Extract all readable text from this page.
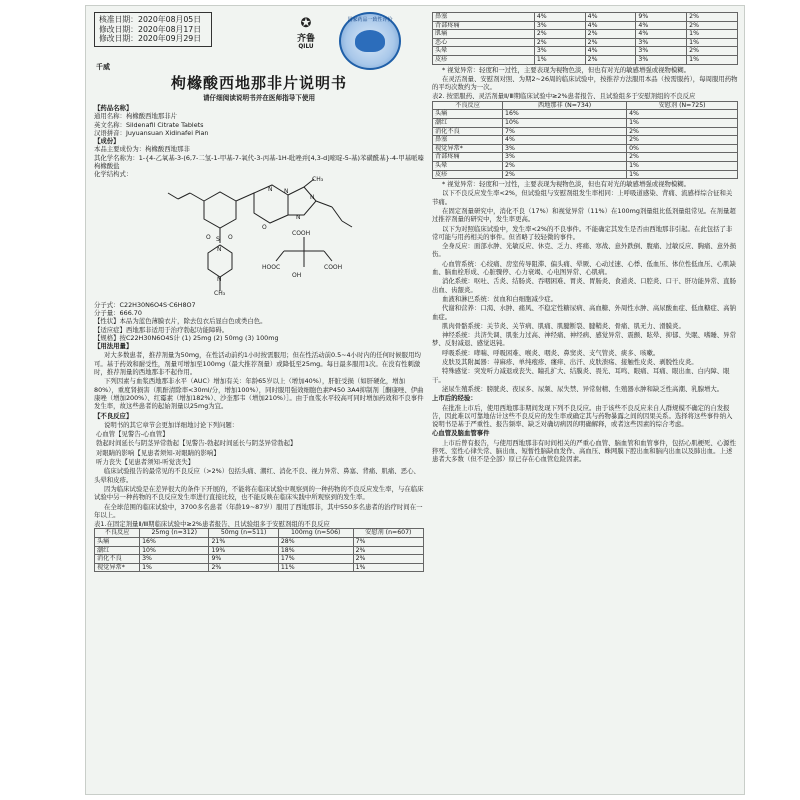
核准日期：2020年08月05日
修改日期：2020年08月17日
修改日期：2020年09月29日
✪
齐鲁
QILU
国家药品一致性评价
千威
枸橼酸西地那非片说明书
请仔细阅读说明书并在医师指导下使用
【药品名称】
通用名称：枸橼酸西地那非片
英文名称：Sildenafil Citrate Tablets
汉语拼音：Juyuansuan Xidinafei Pian
【成份】
本品主要成份为：枸橼酸西地那非
其化学名称为：1-{4-乙氧基-3-(6,7-二氢-1-甲基-7-氧代-3-丙基-1H-吡唑并[4,3-d]嘧啶-5-基)苯磺酰基}-4-甲基哌嗪枸橼酸盐
化学结构式：
S
O	O
N
N
CH₃
N N
N
O
N
CH₃
COOH
HOOC	COOH
OH
分子式：C22H30N6O4S·C6H8O7
分子量：666.70
【性状】本品为蓝色薄膜衣片，除去包衣后显白色或类白色。
【适应症】西地那非适用于治疗勃起功能障碍。
【规格】按C22H30N6O4S计 (1) 25mg (2) 50mg (3) 100mg
【用法用量】
对大多数患者，推荐剂量为50mg，在性活动前约1小时按需服用；但在性活动前0.5~4小时内的任何时候服用均可。基于药效和耐受性，剂量可增加至100mg（最大推荐剂量）或降低至25mg。每日最多服用1次。在没有性刺激时，推荐剂量的西地那非不起作用。
下列因素与血浆西地那非水平（AUC）增加有关：年龄65岁以上（增加40%），肝脏受损（如肝硬化，增加80%），重度肾损害（肌酐清除率<30ml/分，增加100%），同时服用强效细胞色素P450 3A4抑制剂［酮康唑、伊曲康唑（增加200%）、红霉素（增加182%）、沙奎那韦（增加210%）］。由于血浆水平较高可同时增加药效和不良事件发生率，故这些患者的起始剂量以25mg为宜。
【不良反应】
说明书的其它章节会更加详细地讨论下列问题：
心血管【见警告-心血管】
勃起时间延长与阴茎异常勃起【见警告-勃起时间延长与阴茎异常勃起】
对眼睛的影响【见患者须知-对眼睛的影响】
听力丧失【见患者须知-听觉丧失】
临床试验报告的最常见的不良反应（>2%）包括头痛、潮红、消化不良、视力异常、鼻塞、背痛、肌痛、恶心、头晕和皮疹。
因为临床试验是在差异很大的条件下开展的，不能将在临床试验中观察到的一种药物的不良反应发生率，与在临床试验中另一种药物的不良反应发生率进行直接比较，也不能反映在临床实践中所观察到的发生率。
在全球范围的临床试验中，3700多名患者（年龄19~87岁）服用了西地那非，其中550多名患者的治疗时间在一年以上。
表1.在固定剂量Ⅱ/Ⅲ期临床试验中≥2%患者报告、且试验组多于安慰剂组的不良反应
不良反应	25mg (n=312)	50mg (n=511)	100mg (n=506)	安慰剂 (n=607)
头痛	16%	21%	28%	7%
潮红	10%	19%	18%	2%
消化不良	3%	9%	17%	2%
视觉异常*	1%	2%	11%	1%
鼻塞	4%	4%	9%	2%
背部疼痛	3%	4%	4%	2%
肌痛	2%	2%	4%	1%
恶心	2%	2%	3%	1%
头晕	3%	4%	3%	2%
皮疹	1%	2%	3%	1%
* 视觉异常：轻度和一过性，主要表现为视物色淡，但也有对光的敏感增强或视物模糊。
在灵活剂量、安慰剂对照、为期2~26周的临床试验中，按推荐方法服用本品（按需服药），每周服用药物的平均次数约为一次。
表2. 按需服药、灵活剂量Ⅱ/Ⅲ期临床试验中≥2%患者报告、且试验组多于安慰剂组的不良反应
不良反应	西地那非 (N=734)	安慰剂 (N=725)
头痛	16%	4%
潮红	10%	1%
消化不良	7%	2%
鼻塞	4%	2%
视觉异常*	3%	0%
背部疼痛	3%	2%
头晕	2%	1%
皮疹	2%	1%
* 视觉异常：轻度和一过性，主要表现为视物色淡，但也有对光的敏感增强或视物模糊。
以下不良反应发生率<2%，但试验组与安慰剂组发生率相同：上呼吸道感染、背痛、流感样综合征和关节痛。
在固定剂量研究中，消化不良（17%）和视觉异常（11%）在100mg剂量组比低剂量组常见。在剂量超过推荐剂量的研究中，发生率更高。
以下为对照临床试验中，发生率<2%的不良事件。不能确定其发生是否由西地那非引起。在此包括了非常可能与用药相关的事件。但省略了较轻微的事件。
全身反应：面部水肿、光敏反应、休克、乏力、疼痛、寒战、意外跌倒、腹痛、过敏反应、胸痛、意外损伤。
心血管系统：心绞痛、房室传导阻滞、偏头痛、晕厥、心动过速、心悸、低血压、体位性低血压、心肌缺血、脑血栓形成、心脏骤停、心力衰竭、心电图异常、心肌病。
消化系统：呕吐、舌炎、结肠炎、吞咽困难、胃炎、胃肠炎、食道炎、口腔炎、口干、肝功能异常、直肠出血、齿龈炎。
血液和淋巴系统：贫血和白细胞减少症。
代谢和营养：口渴、水肿、痛风、不稳定性糖尿病、高血糖、外周性水肿、高尿酸血症、低血糖症、高钠血症。
肌肉骨骼系统：关节炎、关节病、肌痛、肌腱断裂、腱鞘炎、骨痛、肌无力、滑膜炎。
神经系统：共济失调、肌张力过高、神经痛、神经病、感觉异常、震颤、眩晕、抑郁、失眠、嗜睡、异常梦、反射减退、感觉迟钝。
呼吸系统：哮喘、呼吸困难、喉炎、咽炎、鼻窦炎、支气管炎、痰多、咳嗽。
皮肤及其附属器：荨麻疹、单纯疱疹、瘙痒、出汗、皮肤溃疡、接触性皮炎、剥脱性皮炎。
特殊感觉：突发听力减退或丧失、瞳孔扩大、结膜炎、畏光、耳鸣、眼痛、耳痛、眼出血、白内障、眼干。
泌尿生殖系统：膀胱炎、夜尿多、尿频、尿失禁、异常射精、生殖器水肿和缺乏性高潮、乳腺增大。
上市后的经验：
在批准上市后，使用西地那非期间发现下列不良反应。由于该些不良反应来自人群规模不确定的自发报告，因此难以可靠地估计这些不良反应的发生率或确定其与药物暴露之间的因果关系。选择将这些事件纳入说明书是基于严重性、报告频率、缺乏对确切病因的明确解释，或者这些因素的综合考虑。
心血管及脑血管事件
上市后曾有报告，与使用西地那非有时间相关的严重心血管、脑血管和血管事件，包括心肌梗死、心源性猝死、室性心律失常、脑出血、短暂性脑缺血发作、高血压、蛛网膜下腔出血和脑内出血以及肺出血。上述患者大多数（但不是全部）原已存在心血管危险因素。
